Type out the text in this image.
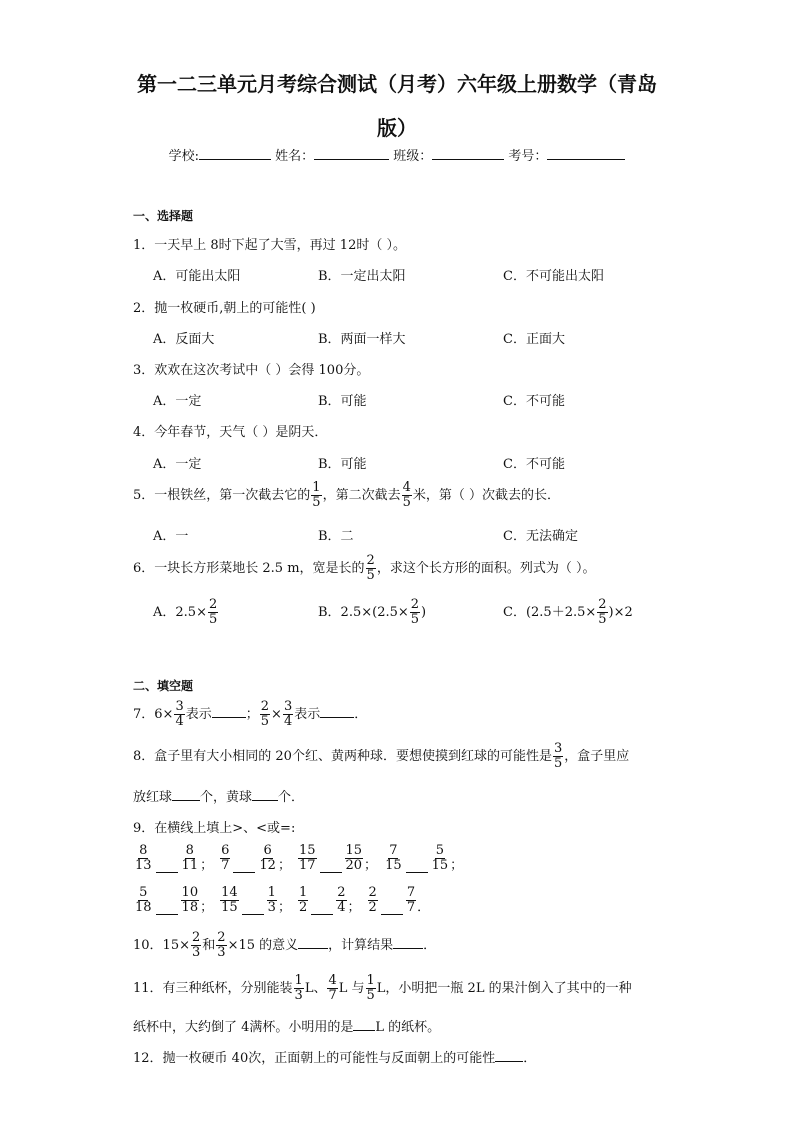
第一二三单元月考综合测试（月考）六年级上册数学（青岛
版）
学校:	姓名：	班级：	考号：
一、选择题
1．一天早上 8时下起了大雪，再过 12时（ ）。
A．可能出太阳	B．一定出太阳	C．不可能出太阳
2．抛一枚硬币,朝上的可能性( )
A．反面大	B．两面一样大	C．正面大
3．欢欢在这次考试中（ ）会得 100分。
A．一定	B．可能	C．不可能
4．今年春节，天气（ ）是阴天．
A．一定	B．可能	C．不可能
5．一根铁丝，第一次截去它的 $\frac{1}{5}$ ，第二次截去 $\frac{4}{5}$ 米，第（ ）次截去的长．
A．一	B．二	C．无法确定
6．一块长方形菜地长 2.5 m，宽是长的 $\frac{2}{5}$ ，求这个长方形的面积。列式为（ ）。
A．$2.5\times \frac{2}{5}$	B．$2.5\times(2.5\times \frac{2}{5}$ )	C．$(2.5+2.5\times \frac{2}{5} )\times 2$
二、填空题
7．$6\times \frac{3}{4}$ 表示	； $\frac{2}{5} \times \frac{3}{4}$ 表示	．
8．盒子里有大小相同的 20个红、黄两种球．要想使摸到红球的可能性是 $\frac{3}{5}$ ，盒子里应
放红球 个，黄球 个．
9．在横线上填上>、<或=:
$\frac{8}{13} \frac{8}{11}$ ； $\frac{6}{7} \frac{6}{12}$ ； $\frac{15}{17} \frac{15}{20}$ ； $\frac{7}{15} \frac{5}{15}$ ；
$\frac{5}{18} \frac{10}{18}$ ； $\frac{14}{15} \frac{1}{3}$ ； $\frac{1}{2} \frac{2}{4}$ ； $\frac{2}{2} \frac{7}{7}$ ．
10．$15\times \frac{2}{3}$ 和 $\frac{2}{3} \times 15$ 的意义 ，计算结果 ．
11．有三种纸杯，分别能装 $\frac{1}{3}$ L、 $\frac{4}{7}$ L 与 $\frac{1}{5}$ L，小明把一瓶 2L 的果汁倒入了其中的一种
纸杯中，大约倒了 4满杯。小明用的是 L 的纸杯。
12．抛一枚硬币 40次，正面朝上的可能性与反面朝上的可能性 ．
